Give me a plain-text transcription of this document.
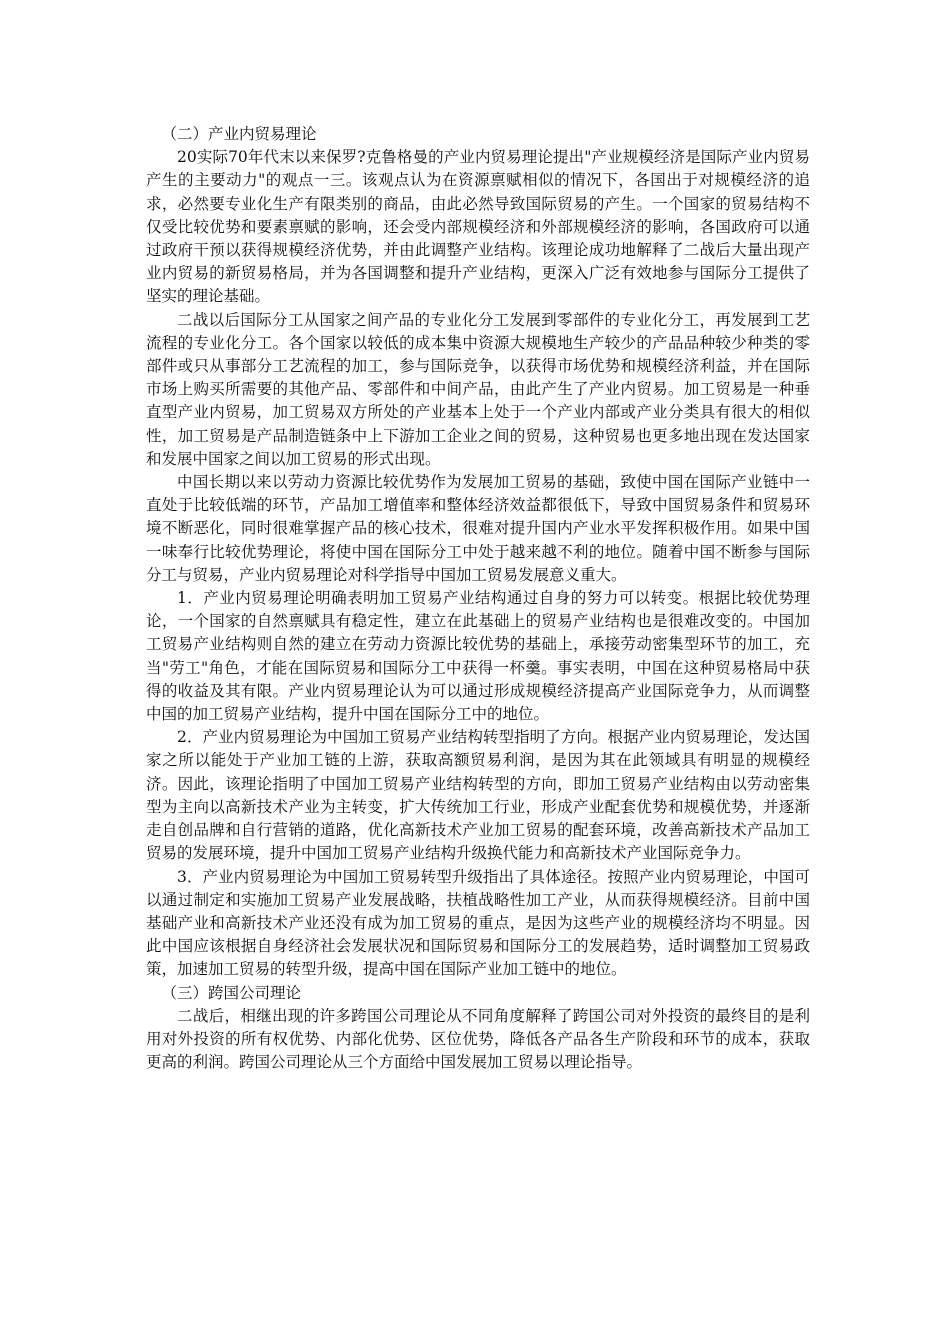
（二）产业内贸易理论

20实际70年代末以来保罗?克鲁格曼的产业内贸易理论提出"产业规模经济是国际产业内贸易产生的主要动力"的观点一三。该观点认为在资源禀赋相似的情况下，各国出于对规模经济的追求，必然要专业化生产有限类别的商品，由此必然导致国际贸易的产生。一个国家的贸易结构不仅受比较优势和要素禀赋的影响，还会受内部规模经济和外部规模经济的影响，各国政府可以通过政府干预以获得规模经济优势，并由此调整产业结构。该理论成功地解释了二战后大量出现产业内贸易的新贸易格局，并为各国调整和提升产业结构，更深入广泛有效地参与国际分工提供了坚实的理论基础。

二战以后国际分工从国家之间产品的专业化分工发展到零部件的专业化分工，再发展到工艺流程的专业化分工。各个国家以较低的成本集中资源大规模地生产较少的产品品种较少种类的零部件或只从事部分工艺流程的加工，参与国际竞争，以获得市场优势和规模经济利益，并在国际市场上购买所需要的其他产品、零部件和中间产品，由此产生了产业内贸易。加工贸易是一种垂直型产业内贸易，加工贸易双方所处的产业基本上处于一个产业内部或产业分类具有很大的相似性，加工贸易是产品制造链条中上下游加工企业之间的贸易，这种贸易也更多地出现在发达国家和发展中国家之间以加工贸易的形式出现。

中国长期以来以劳动力资源比较优势作为发展加工贸易的基础，致使中国在国际产业链中一直处于比较低端的环节，产品加工增值率和整体经济效益都很低下，导致中国贸易条件和贸易环境不断恶化，同时很难掌握产品的核心技术，很难对提升国内产业水平发挥积极作用。如果中国一味奉行比较优势理论，将使中国在国际分工中处于越来越不利的地位。随着中国不断参与国际分工与贸易，产业内贸易理论对科学指导中国加工贸易发展意义重大。

1．产业内贸易理论明确表明加工贸易产业结构通过自身的努力可以转变。根据比较优势理论，一个国家的自然禀赋具有稳定性，建立在此基础上的贸易产业结构也是很难改变的。中国加工贸易产业结构则自然的建立在劳动力资源比较优势的基础上，承接劳动密集型环节的加工，充当"劳工"角色，才能在国际贸易和国际分工中获得一杯羹。事实表明，中国在这种贸易格局中获得的收益及其有限。产业内贸易理论认为可以通过形成规模经济提高产业国际竞争力，从而调整中国的加工贸易产业结构，提升中国在国际分工中的地位。

2．产业内贸易理论为中国加工贸易产业结构转型指明了方向。根据产业内贸易理论，发达国家之所以能处于产业加工链的上游，获取高额贸易利润，是因为其在此领域具有明显的规模经济。因此，该理论指明了中国加工贸易产业结构转型的方向，即加工贸易产业结构由以劳动密集型为主向以高新技术产业为主转变，扩大传统加工行业，形成产业配套优势和规模优势，并逐渐走自创品牌和自行营销的道路，优化高新技术产业加工贸易的配套环境，改善高新技术产品加工贸易的发展环境，提升中国加工贸易产业结构升级换代能力和高新技术产业国际竞争力。

3．产业内贸易理论为中国加工贸易转型升级指出了具体途径。按照产业内贸易理论，中国可以通过制定和实施加工贸易产业发展战略，扶植战略性加工产业，从而获得规模经济。目前中国基础产业和高新技术产业还没有成为加工贸易的重点，是因为这些产业的规模经济均不明显。因此中国应该根据自身经济社会发展状况和国际贸易和国际分工的发展趋势，适时调整加工贸易政策，加速加工贸易的转型升级，提高中国在国际产业加工链中的地位。

（三）跨国公司理论

二战后，相继出现的许多跨国公司理论从不同角度解释了跨国公司对外投资的最终目的是利用对外投资的所有权优势、内部化优势、区位优势，降低各产品各生产阶段和环节的成本，获取更高的利润。跨国公司理论从三个方面给中国发展加工贸易以理论指导。
